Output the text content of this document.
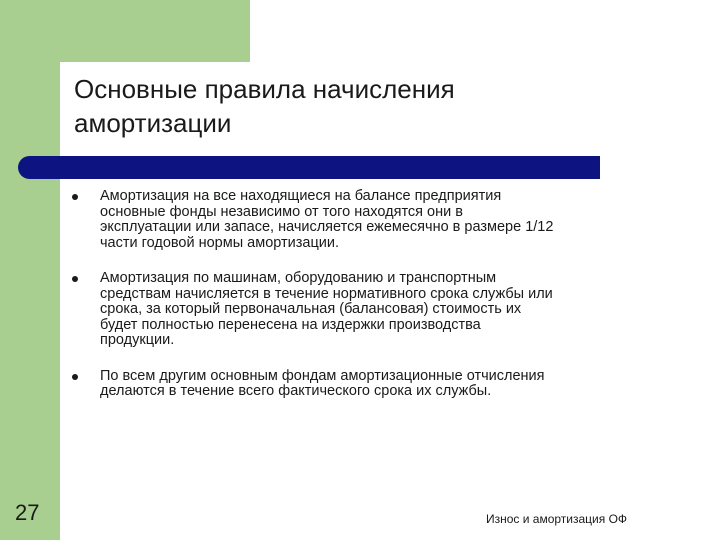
Основные правила начисления
амортизации
Амортизация на все находящиеся на балансе предприятия
основные фонды независимо от того находятся они в
эксплуатации или запасе, начисляется ежемесячно в размере 1/12
части годовой нормы амортизации.
Амортизация по машинам, оборудованию и транспортным
средствам начисляется в течение нормативного срока службы или
срока, за который первоначальная (балансовая) стоимость их
будет полностью перенесена на издержки производства
продукции.
По всем другим основным фондам амортизационные отчисления
делаются в течение всего фактического срока их службы.
27	Износ и амортизация ОФ
